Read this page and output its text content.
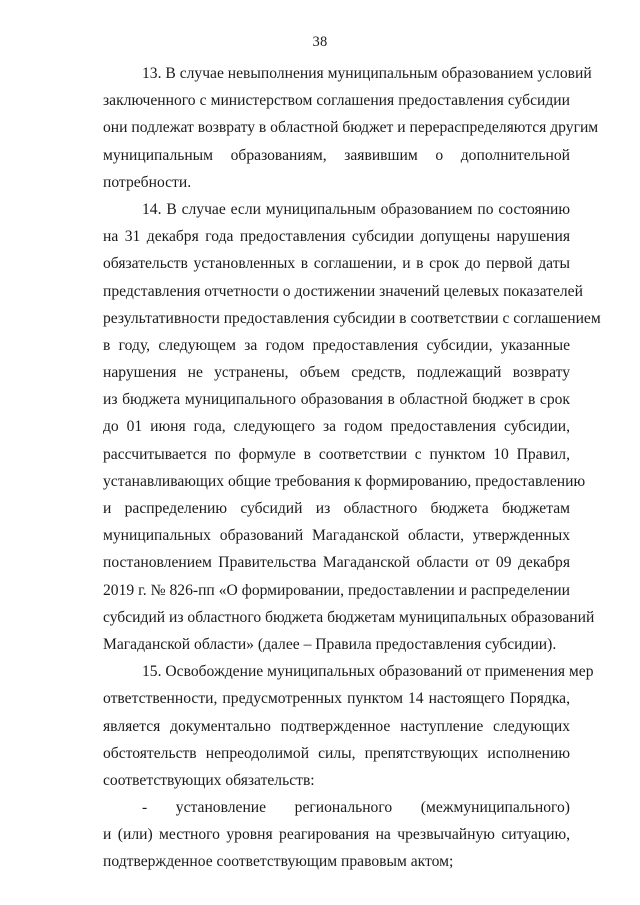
38
13. В случае невыполнения муниципальным образованием условий
заключенного с министерством соглашения предоставления субсидии
они подлежат возврату в областной бюджет и перераспределяются другим
муниципальным образованиям, заявившим о дополнительной
потребности.
14. В случае если муниципальным образованием по состоянию
на 31 декабря года предоставления субсидии допущены нарушения
обязательств установленных в соглашении, и в срок до первой даты
представления отчетности о достижении значений целевых показателей
результативности предоставления субсидии в соответствии с соглашением
в году, следующем за годом предоставления субсидии, указанные
нарушения не устранены, объем средств, подлежащий возврату
из бюджета муниципального образования в областной бюджет в срок
до 01 июня года, следующего за годом предоставления субсидии,
рассчитывается по формуле в соответствии с пунктом 10 Правил,
устанавливающих общие требования к формированию, предоставлению
и распределению субсидий из областного бюджета бюджетам
муниципальных образований Магаданской области, утвержденных
постановлением Правительства Магаданской области от 09 декабря
2019 г. № 826-пп «О формировании, предоставлении и распределении
субсидий из областного бюджета бюджетам муниципальных образований
Магаданской области» (далее – Правила предоставления субсидии).
15. Освобождение муниципальных образований от применения мер
ответственности, предусмотренных пунктом 14 настоящего Порядка,
является документально подтвержденное наступление следующих
обстоятельств непреодолимой силы, препятствующих исполнению
соответствующих обязательств:
- установление регионального (межмуниципального)
и (или) местного уровня реагирования на чрезвычайную ситуацию,
подтвержденное соответствующим правовым актом;
